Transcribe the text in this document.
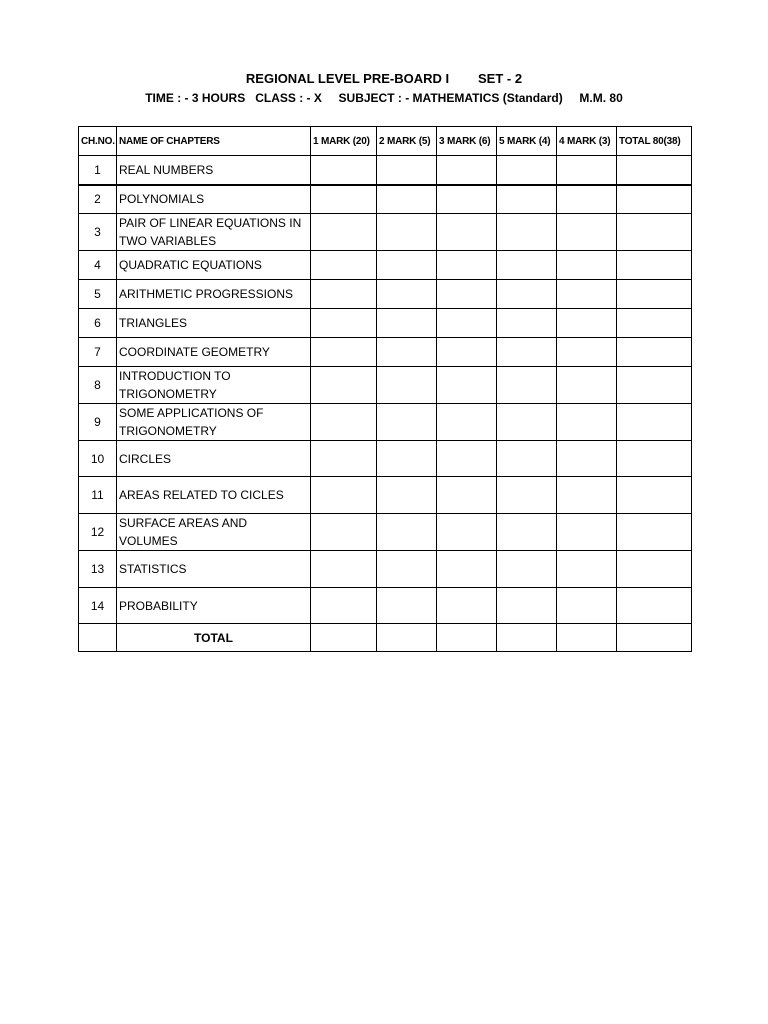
REGIONAL LEVEL PRE-BOARD I        SET - 2
TIME : - 3 HOURS   CLASS : - X     SUBJECT : - MATHEMATICS (Standard)     M.M. 80
CH.NO.	NAME OF CHAPTERS	1 MARK (20)	2 MARK (5)	3 MARK (6)	5 MARK (4)	4 MARK (3)	TOTAL 80(38)
1	REAL NUMBERS						
2	POLYNOMIALS						
3	PAIR OF LINEAR EQUATIONS IN TWO VARIABLES						
4	QUADRATIC EQUATIONS						
5	ARITHMETIC PROGRESSIONS						
6	TRIANGLES						
7	COORDINATE GEOMETRY						
8	INTRODUCTION TO TRIGONOMETRY						
9	SOME APPLICATIONS OF TRIGONOMETRY						
10	CIRCLES						
11	AREAS RELATED TO CICLES						
12	SURFACE AREAS AND VOLUMES						
13	STATISTICS						
14	PROBABILITY						
	TOTAL						
